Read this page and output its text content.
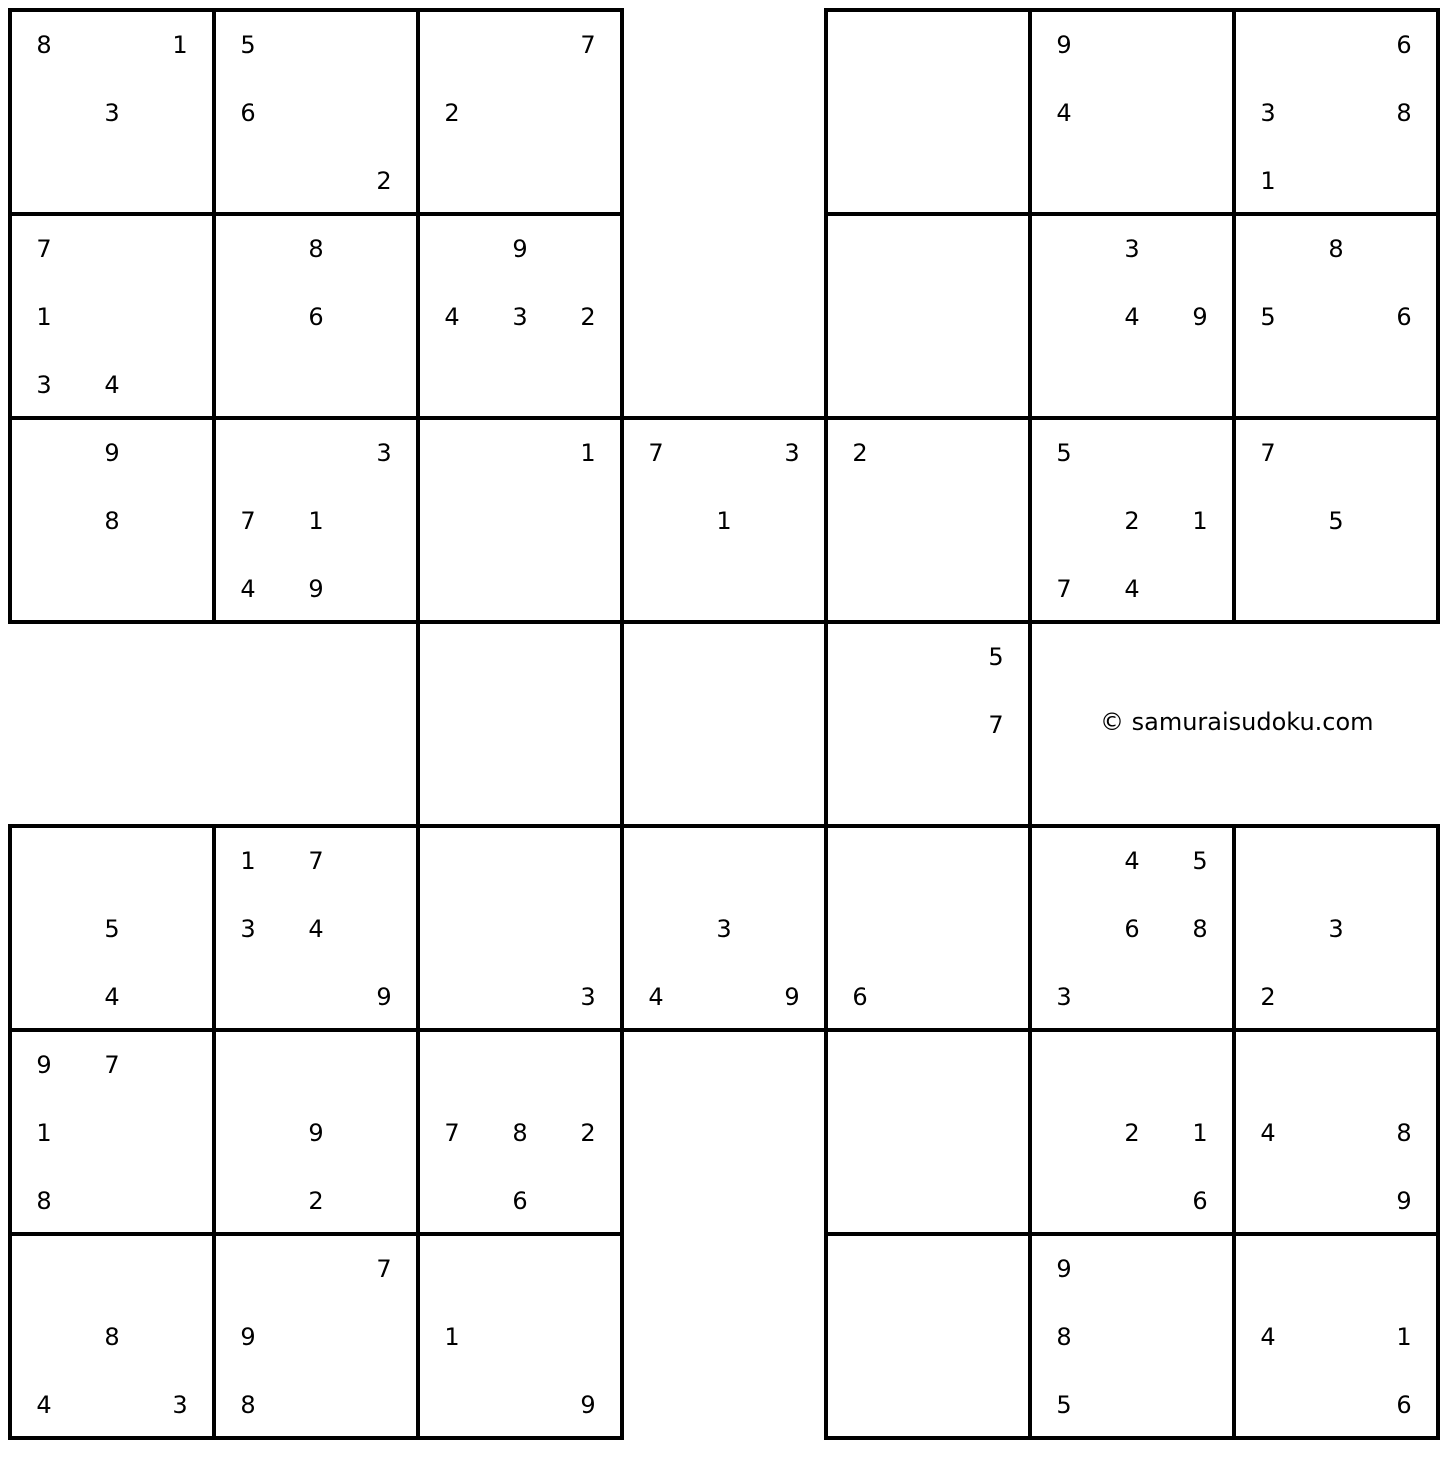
8	1 5	7	9	6
3	6	2	4	3	8
2	1
7	8	9	3	8
1	6	4 3 2	4 9 5	6
3 4
9	3	1 7	3 2	5	7
8	7 1	1	2 1	5
4 9	7 4
5
7
1 7	4 5
5	3 4	3	6 8	3
4	9	3 4	9 6	3	2
9 7
1	9	7 8 2	2 1 4	8
8	2	6	6	9
7	9
8	9	1	8	4	1
4	3 8	9	5	6
© samuraisudoku.com
